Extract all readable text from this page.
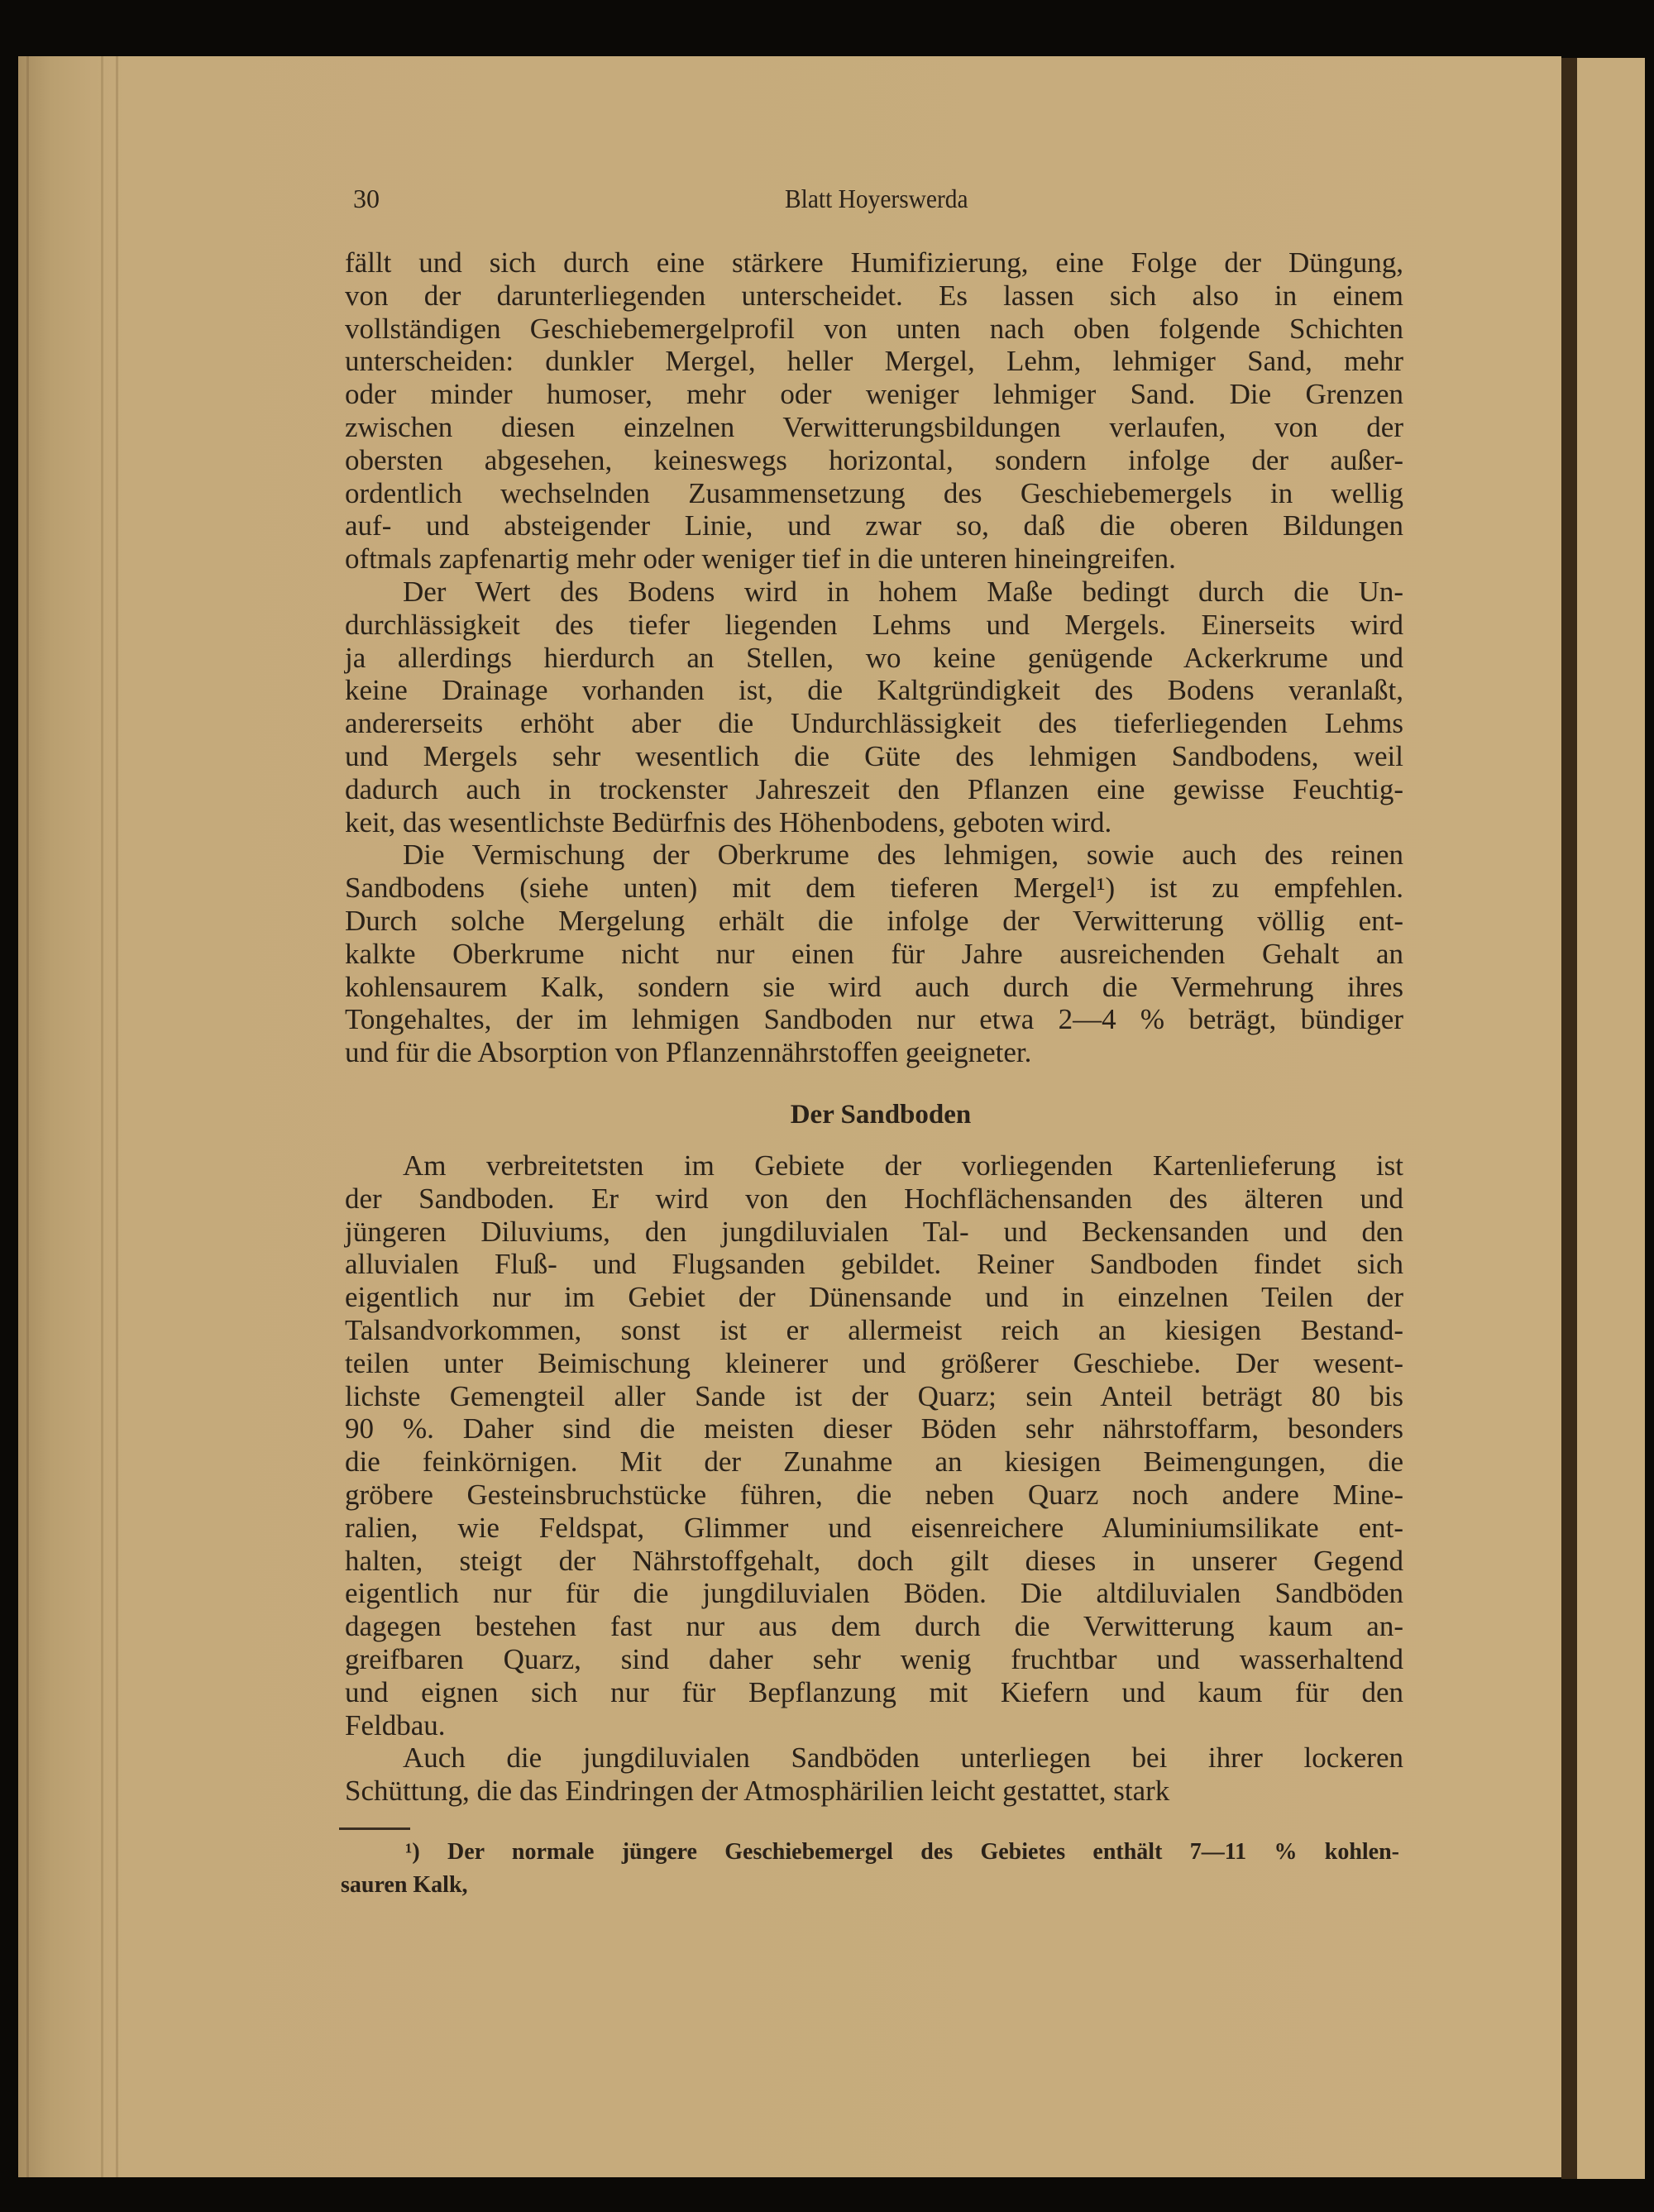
30	Blatt Hoyerswerda
fällt und sich durch eine stärkere Humifizierung, eine Folge der Düngung,
von der darunterliegenden unterscheidet. Es lassen sich also in einem
vollständigen Geschiebemergelprofil von unten nach oben folgende Schichten
unterscheiden: dunkler Mergel, heller Mergel, Lehm, lehmiger Sand, mehr
oder minder humoser, mehr oder weniger lehmiger Sand. Die Grenzen
zwischen diesen einzelnen Verwitterungsbildungen verlaufen, von der
obersten abgesehen, keineswegs horizontal, sondern infolge der außer-
ordentlich wechselnden Zusammensetzung des Geschiebemergels in wellig
auf- und absteigender Linie, und zwar so, daß die oberen Bildungen
oftmals zapfenartig mehr oder weniger tief in die unteren hineingreifen.
Der Wert des Bodens wird in hohem Maße bedingt durch die Un-
durchlässigkeit des tiefer liegenden Lehms und Mergels. Einerseits wird
ja allerdings hierdurch an Stellen, wo keine genügende Ackerkrume und
keine Drainage vorhanden ist, die Kaltgründigkeit des Bodens veranlaßt,
andererseits erhöht aber die Undurchlässigkeit des tieferliegenden Lehms
und Mergels sehr wesentlich die Güte des lehmigen Sandbodens, weil
dadurch auch in trockenster Jahreszeit den Pflanzen eine gewisse Feuchtig-
keit, das wesentlichste Bedürfnis des Höhenbodens, geboten wird.
Die Vermischung der Oberkrume des lehmigen, sowie auch des reinen
Sandbodens (siehe unten) mit dem tieferen Mergel¹) ist zu empfehlen.
Durch solche Mergelung erhält die infolge der Verwitterung völlig ent-
kalkte Oberkrume nicht nur einen für Jahre ausreichenden Gehalt an
kohlensaurem Kalk, sondern sie wird auch durch die Vermehrung ihres
Tongehaltes, der im lehmigen Sandboden nur etwa 2—4 % beträgt, bündiger
und für die Absorption von Pflanzennährstoffen geeigneter.
Der Sandboden
Am verbreitetsten im Gebiete der vorliegenden Kartenlieferung ist
der Sandboden. Er wird von den Hochflächensanden des älteren und
jüngeren Diluviums, den jungdiluvialen Tal- und Beckensanden und den
alluvialen Fluß- und Flugsanden gebildet. Reiner Sandboden findet sich
eigentlich nur im Gebiet der Dünensande und in einzelnen Teilen der
Talsandvorkommen, sonst ist er allermeist reich an kiesigen Bestand-
teilen unter Beimischung kleinerer und größerer Geschiebe. Der wesent-
lichste Gemengteil aller Sande ist der Quarz; sein Anteil beträgt 80 bis
90 %. Daher sind die meisten dieser Böden sehr nährstoffarm, besonders
die feinkörnigen. Mit der Zunahme an kiesigen Beimengungen, die
gröbere Gesteinsbruchstücke führen, die neben Quarz noch andere Mine-
ralien, wie Feldspat, Glimmer und eisenreichere Aluminiumsilikate ent-
halten, steigt der Nährstoffgehalt, doch gilt dieses in unserer Gegend
eigentlich nur für die jungdiluvialen Böden. Die altdiluvialen Sandböden
dagegen bestehen fast nur aus dem durch die Verwitterung kaum an-
greifbaren Quarz, sind daher sehr wenig fruchtbar und wasserhaltend
und eignen sich nur für Bepflanzung mit Kiefern und kaum für den
Feldbau.
Auch die jungdiluvialen Sandböden unterliegen bei ihrer lockeren
Schüttung, die das Eindringen der Atmosphärilien leicht gestattet, stark
¹) Der normale jüngere Geschiebemergel des Gebietes enthält 7—11 % kohlen-
sauren Kalk,
